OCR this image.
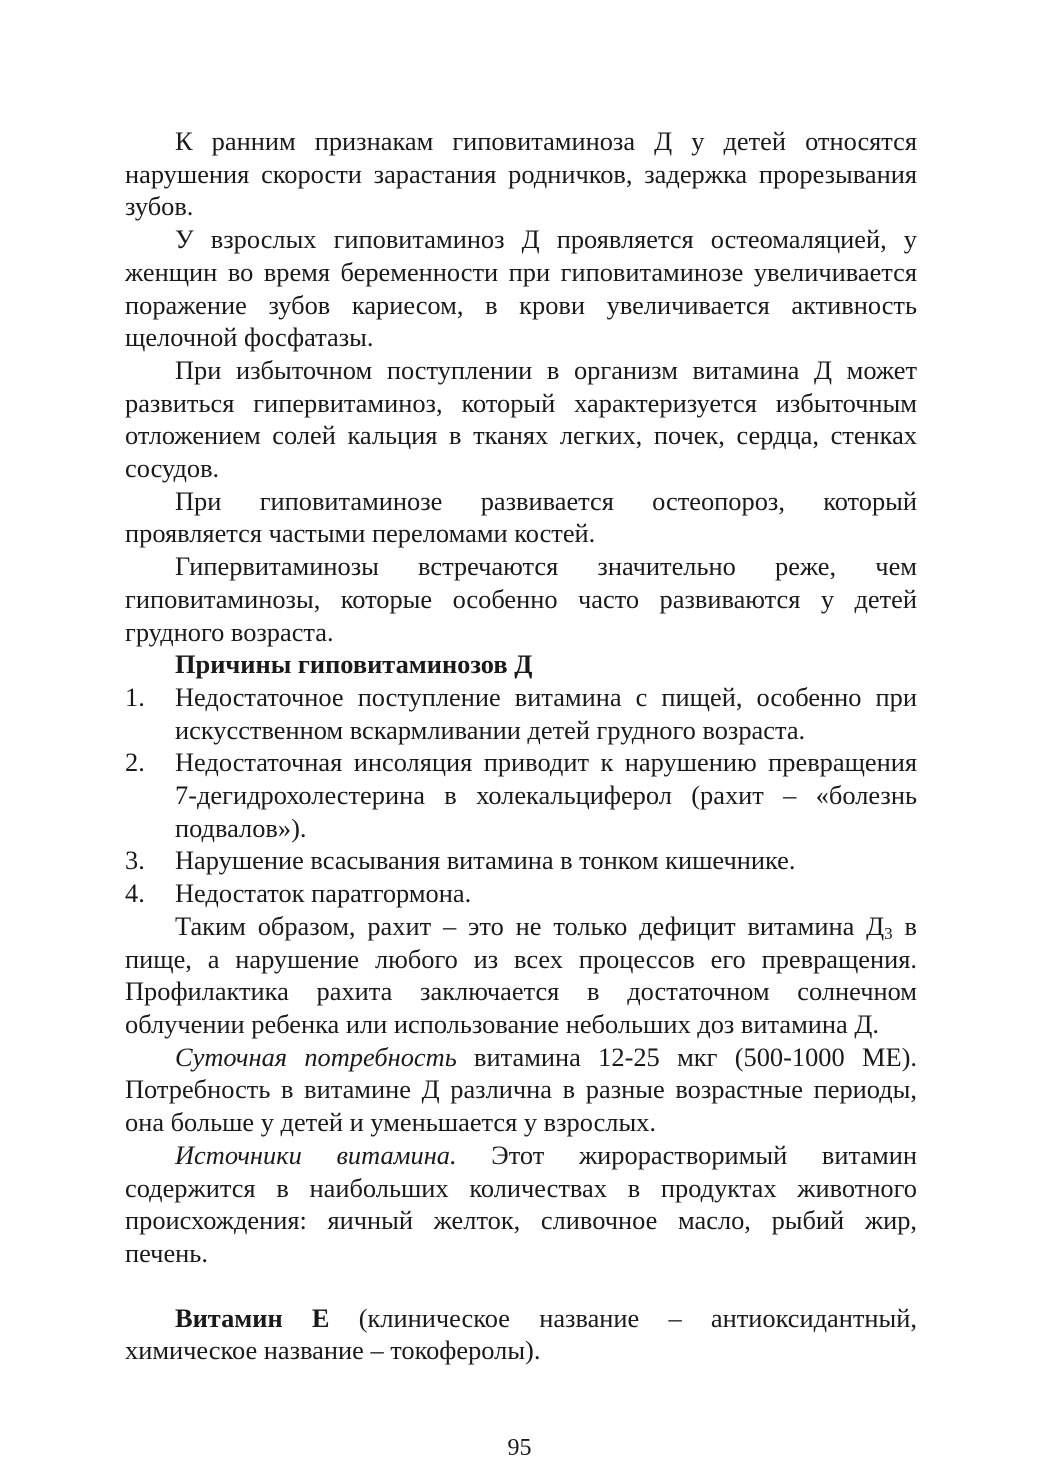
К ранним признакам гиповитаминоза Д у детей относятся нарушения скорости зарастания родничков, задержка прорезывания зубов.

У взрослых гиповитаминоз Д проявляется остеомаляцией, у женщин во время беременности при гиповитаминозе увеличивается поражение зубов кариесом, в крови увеличивается активность щелочной фосфатазы.

При избыточном поступлении в организм витамина Д может развиться гипервитаминоз, который характеризуется избыточным отложением солей кальция в тканях легких, почек, сердца, стенках сосудов.

При гиповитаминозе развивается остеопороз, который проявляется частыми переломами костей.

Гипервитаминозы встречаются значительно реже, чем гиповитаминозы, которые особенно часто развиваются у детей грудного возраста.

Причины гиповитаминозов Д

1. Недостаточное поступление витамина с пищей, особенно при искусственном вскармливании детей грудного возраста.
2. Недостаточная инсоляция приводит к нарушению превращения 7-дегидрохолестерина в холекальциферол (рахит – «болезнь подвалов»).
3. Нарушение всасывания витамина в тонком кишечнике.
4. Недостаток паратгормона.

Таким образом, рахит – это не только дефицит витамина $Д_3$ в пище, а нарушение любого из всех процессов его превращения. Профилактика рахита заключается в достаточном солнечном облучении ребенка или использование небольших доз витамина Д.

Суточная потребность витамина 12-25 мкг (500-1000 МЕ). Потребность в витамине Д различна в разные возрастные периоды, она больше у детей и уменьшается у взрослых.

Источники витамина. Этот жирорастворимый витамин содержится в наибольших количествах в продуктах животного происхождения: яичный желток, сливочное масло, рыбий жир, печень.

Витамин Е (клиническое название – антиоксидантный, химическое название – токоферолы).

95
